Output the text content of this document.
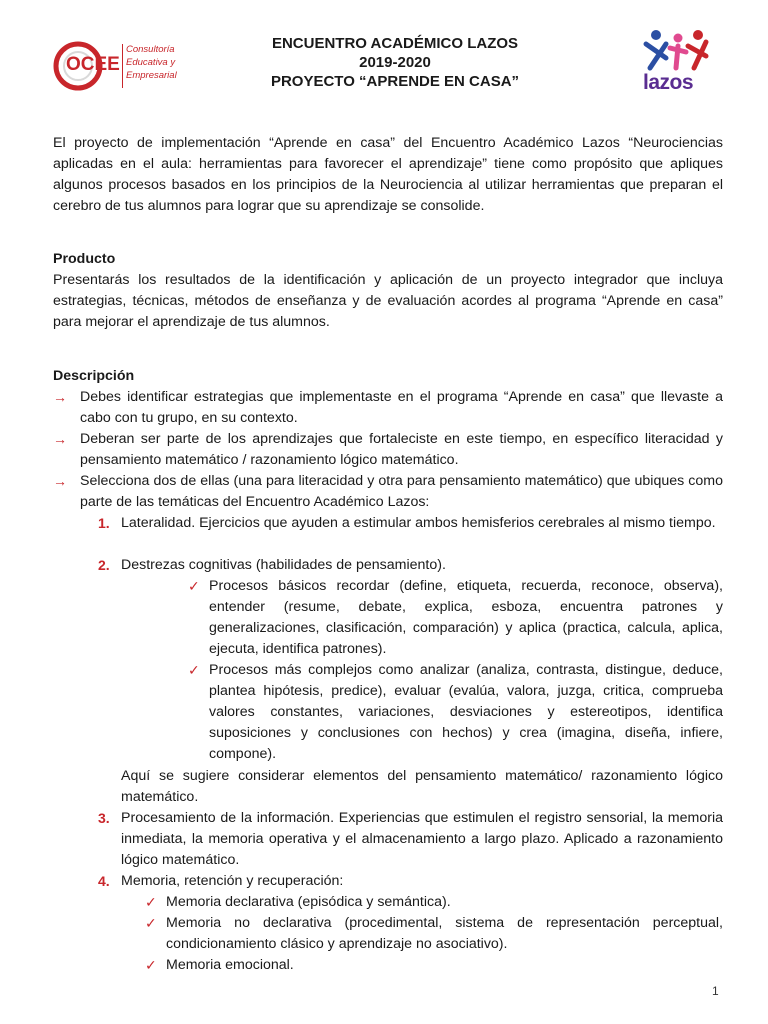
OCEE
Consultoría
Educativa y
Empresarial
ENCUENTRO ACADÉMICO LAZOS
2019-2020
PROYECTO “APRENDE EN CASA”	lazos
El proyecto de implementación “Aprende en casa” del Encuentro Académico Lazos “Neurociencias aplicadas en el aula: herramientas para favorecer el aprendizaje” tiene como propósito que apliques algunos procesos basados en los principios de la Neurociencia al utilizar herramientas que preparan el cerebro de tus alumnos para lograr que su aprendizaje se consolide.
Producto
Presentarás los resultados de la identificación y aplicación de un proyecto integrador que incluya estrategias, técnicas, métodos de enseñanza y de evaluación acordes al programa “Aprende en casa” para mejorar el aprendizaje de tus alumnos.
Descripción
→ Debes identificar estrategias que implementaste en el programa “Aprende en casa” que llevaste a cabo con tu grupo, en su contexto.
→ Deberan ser parte de los aprendizajes que fortaleciste en este tiempo, en específico literacidad y pensamiento matemático / razonamiento lógico matemático.
→ Selecciona dos de ellas (una para literacidad y otra para pensamiento matemático) que ubiques como parte de las temáticas del Encuentro Académico Lazos:
1. Lateralidad. Ejercicios que ayuden a estimular ambos hemisferios cerebrales al mismo tiempo.
2. Destrezas cognitivas (habilidades de pensamiento).
✓ Procesos básicos recordar (define, etiqueta, recuerda, reconoce, observa), entender (resume, debate, explica, esboza, encuentra patrones y generalizaciones, clasificación, comparación) y aplica (practica, calcula, aplica, ejecuta, identifica patrones).
✓ Procesos más complejos como analizar (analiza, contrasta, distingue, deduce, plantea hipótesis, predice), evaluar (evalúa, valora, juzga, critica, comprueba valores constantes, variaciones, desviaciones y estereotipos, identifica suposiciones y conclusiones con hechos) y crea (imagina, diseña, infiere, compone).
Aquí se sugiere considerar elementos del pensamiento matemático/ razonamiento lógico matemático.
3. Procesamiento de la información. Experiencias que estimulen el registro sensorial, la memoria inmediata, la memoria operativa y el almacenamiento a largo plazo. Aplicado a razonamiento lógico matemático.
4. Memoria, retención y recuperación:
✓ Memoria declarativa (episódica y semántica).
✓ Memoria no declarativa (procedimental, sistema de representación perceptual, condicionamiento clásico y aprendizaje no asociativo).
✓ Memoria emocional.
1
